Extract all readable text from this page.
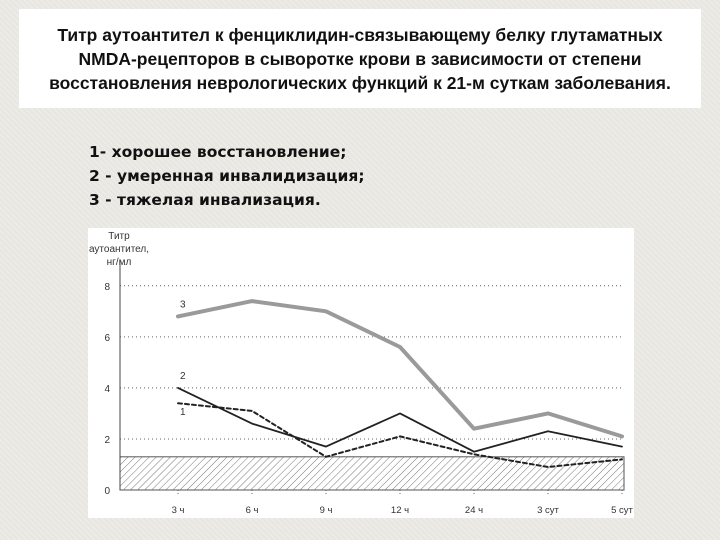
Титр аутоантител к фенциклидин-связывающему белку глутаматных NMDA-рецепторов в сыворотке крови в зависимости от степени восстановления неврологических функций к 21-м суткам заболевания.
1- хорошее восстановление;
2 - умеренная инвалидизация;
3 - тяжелая инвализация.
Титр аутоантител, нг/мл
0
2
4
6
8
3 ч	6 ч	9 ч	12 ч	24 ч	3 сут	5 сут
1
2
3
